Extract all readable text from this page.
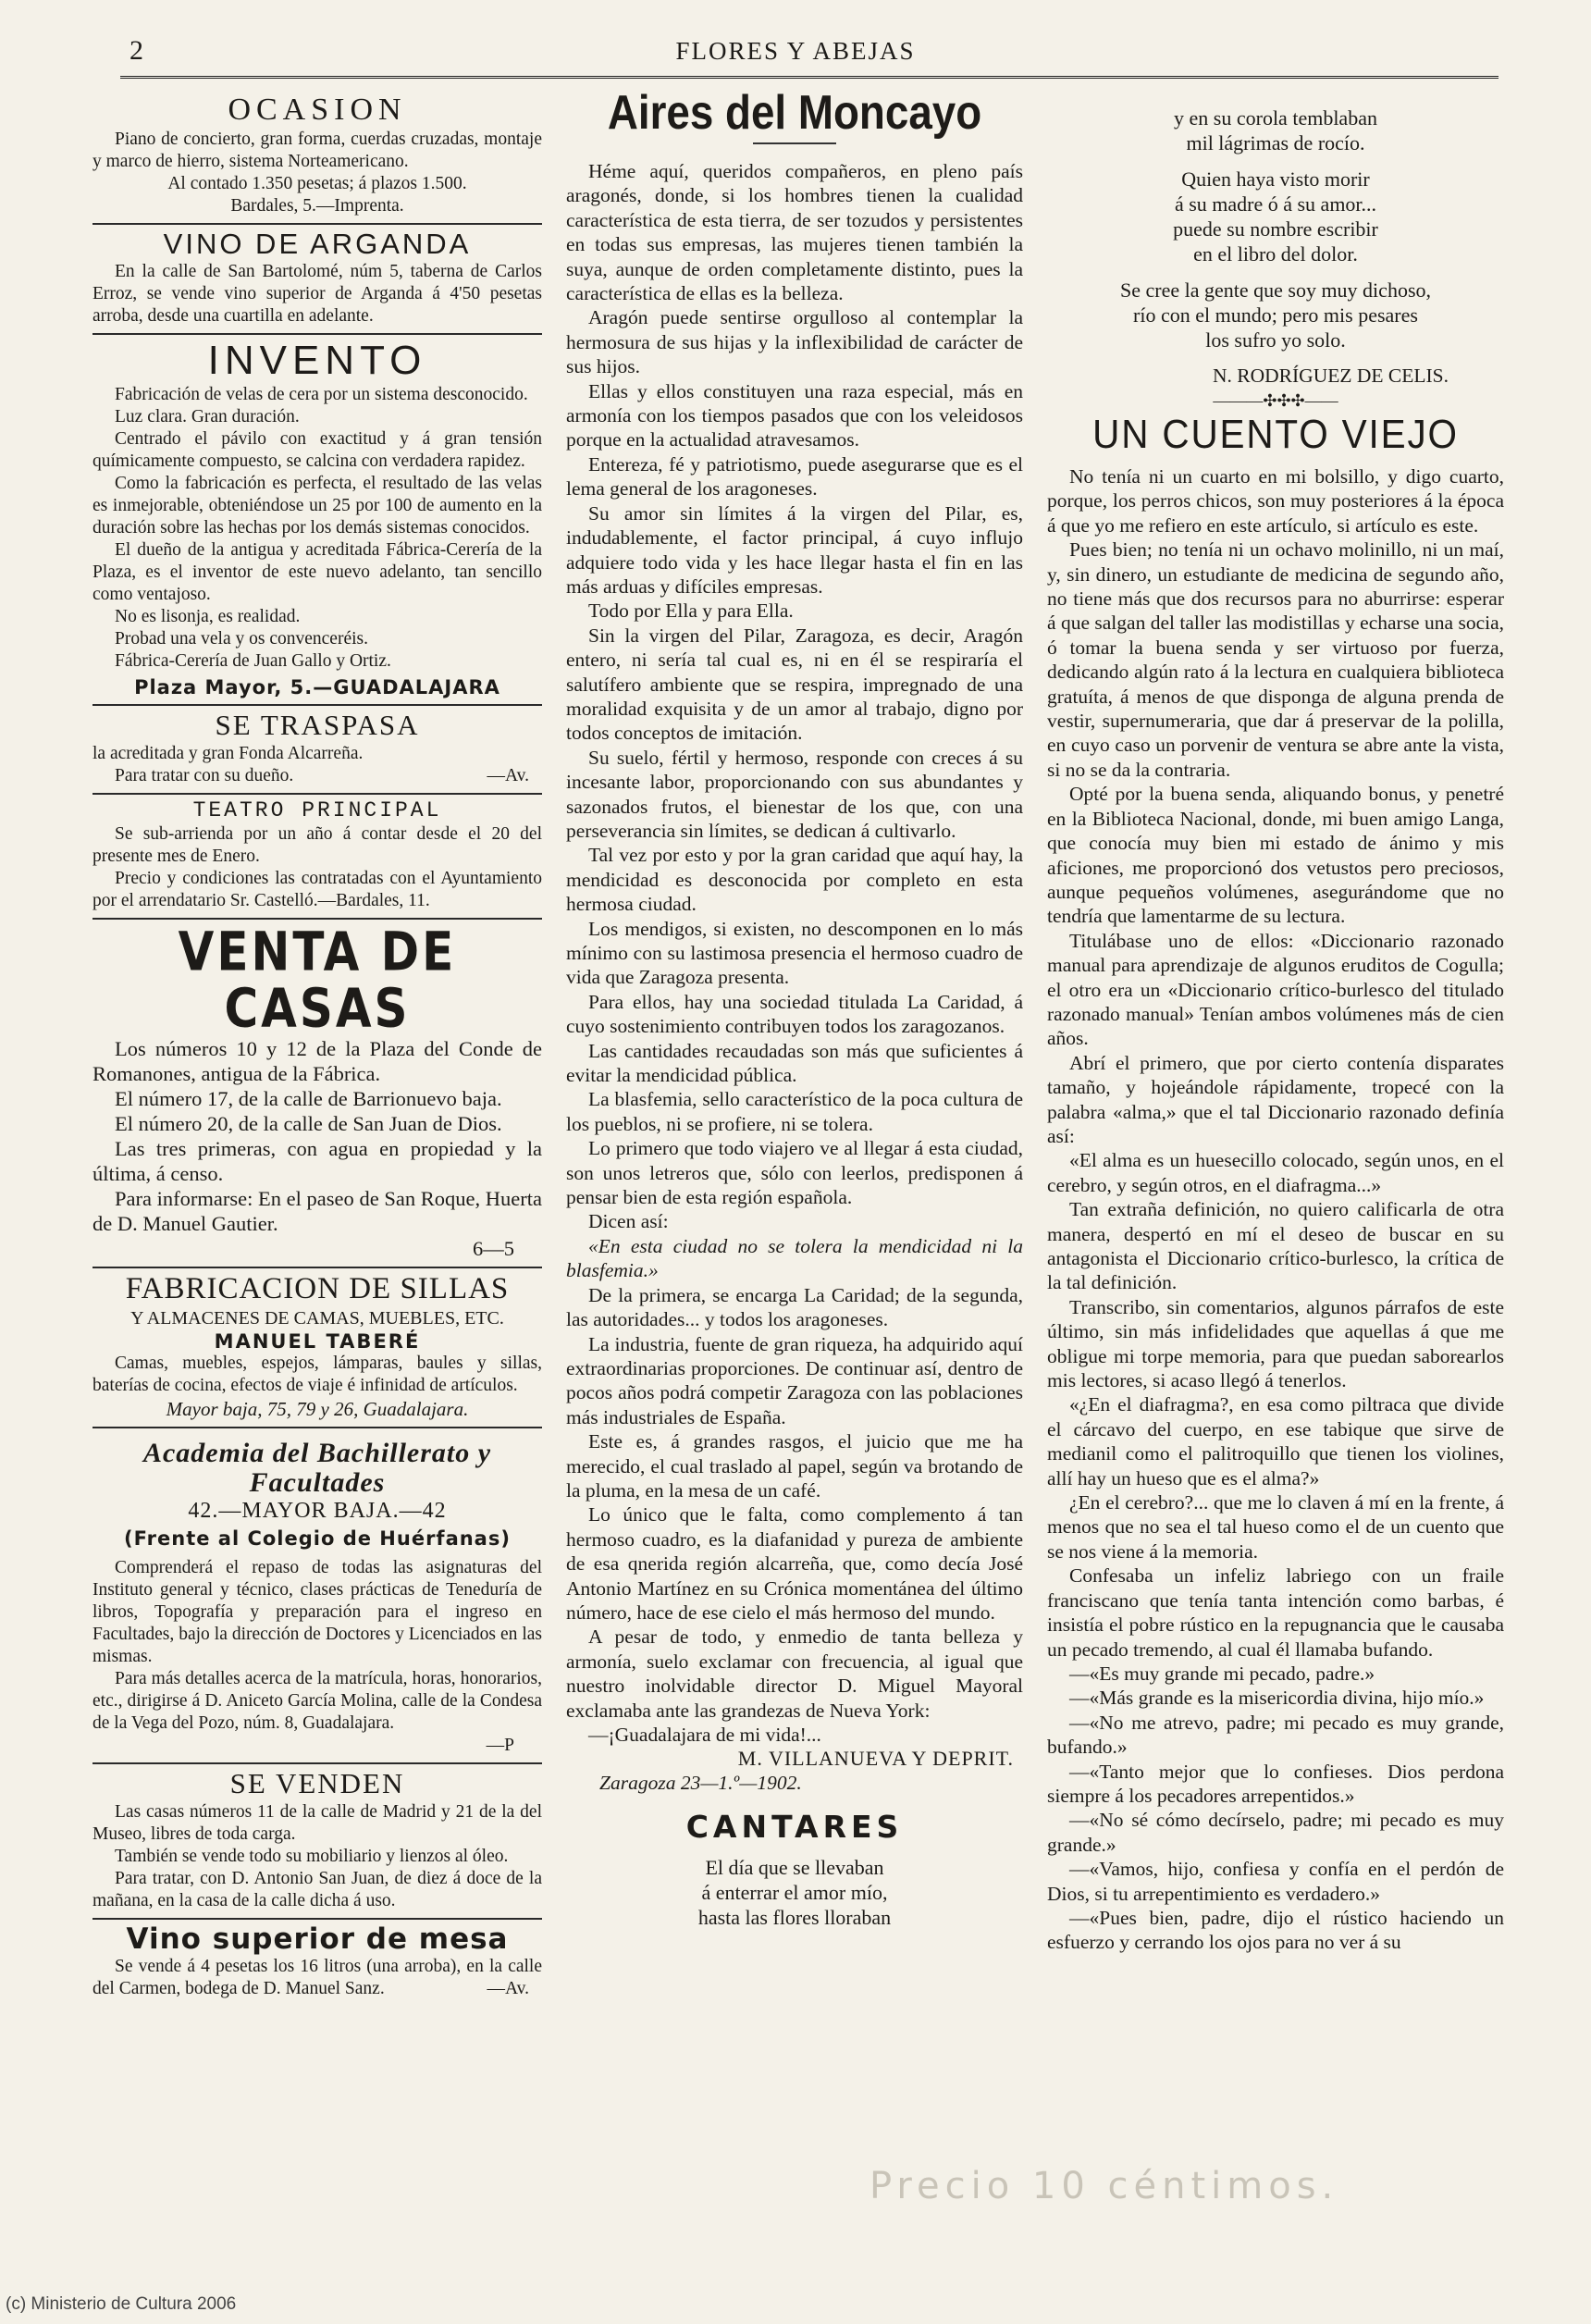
2	FLORES Y ABEJAS
OCASION

Piano de concierto, gran forma, cuerdas cruzadas, montaje y marco de hierro, sistema Norteamericano.

Al contado 1.350 pesetas; á plazos 1.500.

Bardales, 5.—Imprenta.

VINO DE ARGANDA

En la calle de San Bartolomé, núm 5, taberna de Carlos Erroz, se vende vino superior de Arganda á 4'50 pesetas arroba, desde una cuartilla en adelante.

INVENTO

Fabricación de velas de cera por un sistema desconocido.

Luz clara. Gran duración.

Centrado el pávilo con exactitud y á gran tensión químicamente compuesto, se calcina con verdadera rapidez.

Como la fabricación es perfecta, el resultado de las velas es inmejorable, obteniéndose un 25 por 100 de aumento en la duración sobre las hechas por los demás sistemas conocidos.

El dueño de la antigua y acreditada Fábrica-Cerería de la Plaza, es el inventor de este nuevo adelanto, tan sencillo como ventajoso.

No es lisonja, es realidad.

Probad una vela y os convenceréis.

Fábrica-Cerería de Juan Gallo y Ortiz.

Plaza Mayor, 5.—GUADALAJARA
SE TRASPASA

la acreditada y gran Fonda Alcarreña.

Para tratar con su dueño.	—Av.

TEATRO PRINCIPAL

Se sub-arrienda por un año á contar desde el 20 del presente mes de Enero.

Precio y condiciones las contratadas con el Ayuntamiento por el arrendatario Sr. Castelló.—Bardales, 11.

VENTA DE CASAS

Los números 10 y 12 de la Plaza del Conde de Romanones, antigua de la Fábrica.

El número 17, de la calle de Barrionuevo baja.

El número 20, de la calle de San Juan de Dios.

Las tres primeras, con agua en propiedad y la última, á censo.

Para informarse: En el paseo de San Roque, Huerta de D. Manuel Gautier.

6—5

FABRICACION DE SILLAS
Y ALMACENES DE CAMAS, MUEBLES, ETC.
MANUEL TABERÉ

Camas, muebles, espejos, lámparas, baules y sillas, baterías de cocina, efectos de viaje é infinidad de artículos.

Mayor baja, 75, 79 y 26, Guadalajara.
Academia del Bachillerato y Facultades
42.—MAYOR BAJA.—42
(Frente al Colegio de Huérfanas)

Comprenderá el repaso de todas las asignaturas del Instituto general y técnico, clases prácticas de Teneduría de libros, Topografía y preparación para el ingreso en Facultades, bajo la dirección de Doctores y Licenciados en las mismas.

Para más detalles acerca de la matrícula, horas, honorarios, etc., dirigirse á D. Aniceto García Molina, calle de la Condesa de la Vega del Pozo, núm. 8, Guadalajara.

—P

SE VENDEN

Las casas números 11 de la calle de Madrid y 21 de la del Museo, libres de toda carga.

También se vende todo su mobiliario y lienzos al óleo.

Para tratar, con D. Antonio San Juan, de diez á doce de la mañana, en la casa de la calle dicha á uso.

Vino superior de mesa

Se vende á 4 pesetas los 16 litros (una arroba), en la calle del Carmen, bodega de D. Manuel Sanz.	—Av.

Aires del Moncayo

Héme aquí, queridos compañeros, en pleno país aragonés, donde, si los hombres tienen la cualidad característica de esta tierra, de ser tozudos y persistentes en todas sus empresas, las mujeres tienen también la suya, aunque de orden completamente distinto, pues la característica de ellas es la belleza.

Aragón puede sentirse orgulloso al contemplar la hermosura de sus hijas y la inflexibilidad de carácter de sus hijos.

Ellas y ellos constituyen una raza especial, más en armonía con los tiempos pasados que con los veleidosos porque en la actualidad atravesamos.

Entereza, fé y patriotismo, puede asegurarse que es el lema general de los aragoneses.

Su amor sin límites á la virgen del Pilar, es, indudablemente, el factor principal, á cuyo influjo adquiere todo vida y les hace llegar hasta el fin en las más arduas y difíciles empresas.

Todo por Ella y para Ella.

Sin la virgen del Pilar, Zaragoza, es decir, Aragón entero, ni sería tal cual es, ni en él se respiraría el salutífero ambiente que se respira, impregnado de una moralidad exquisita y de un amor al trabajo, digno por todos conceptos de imitación.

Su suelo, fértil y hermoso, responde con creces á su incesante labor, proporcionando con sus abundantes y sazonados frutos, el bienestar de los que, con una perseverancia sin límites, se dedican á cultivarlo.

Tal vez por esto y por la gran caridad que aquí hay, la mendicidad es desconocida por completo en esta hermosa ciudad.

Los mendigos, si existen, no descomponen en lo más mínimo con su lastimosa presencia el hermoso cuadro de vida que Zaragoza presenta.

Para ellos, hay una sociedad titulada La Caridad, á cuyo sostenimiento contribuyen todos los zaragozanos.

Las cantidades recaudadas son más que suficientes á evitar la mendicidad pública.

La blasfemia, sello característico de la poca cultura de los pueblos, ni se profiere, ni se tolera.

Lo primero que todo viajero ve al llegar á esta ciudad, son unos letreros que, sólo con leerlos, predisponen á pensar bien de esta región española.

Dicen así:

«En esta ciudad no se tolera la mendicidad ni la blasfemia.»

De la primera, se encarga La Caridad; de la segunda, las autoridades... y todos los aragoneses.

La industria, fuente de gran riqueza, ha adquirido aquí extraordinarias proporciones. De continuar así, dentro de pocos años podrá competir Zaragoza con las poblaciones más industriales de España.

Este es, á grandes rasgos, el juicio que me ha merecido, el cual traslado al papel, según va brotando de la pluma, en la mesa de un café.

Lo único que le falta, como complemento á tan hermoso cuadro, es la diafanidad y pureza de ambiente de esa qnerida región alcarreña, que, como decía José Antonio Martínez en su Crónica momentánea del último número, hace de ese cielo el más hermoso del mundo.

A pesar de todo, y enmedio de tanta belleza y armonía, suelo exclamar con frecuencia, al igual que nuestro inolvidable director D. Miguel Mayoral exclamaba ante las grandezas de Nueva York:

—¡Guadalajara de mi vida!...

M. VILLANUEVA Y DEPRIT.
Zaragoza 23—1.º—1902.
CANTARES
El día que se llevaban
á enterrar el amor mío,
hasta las flores lloraban
y en su corola temblaban
mil lágrimas de rocío.
Quien haya visto morir
á su madre ó á su amor...
puede su nombre escribir
en el libro del dolor.
Se cree la gente que soy muy dichoso,
río con el mundo; pero mis pesares
los sufro yo solo.
N. RODRÍGUEZ DE CELIS.
———✣✣✣——
UN CUENTO VIEJO

No tenía ni un cuarto en mi bolsillo, y digo cuarto, porque, los perros chicos, son muy posteriores á la época á que yo me refiero en este artículo, si artículo es este.

Pues bien; no tenía ni un ochavo molinillo, ni un maí, y, sin dinero, un estudiante de medicina de segundo año, no tiene más que dos recursos para no aburrirse: esperar á que salgan del taller las modistillas y echarse una socia, ó tomar la buena senda y ser virtuoso por fuerza, dedicando algún rato á la lectura en cualquiera biblioteca gratuíta, á menos de que disponga de alguna prenda de vestir, supernumeraria, que dar á preservar de la polilla, en cuyo caso un porvenir de ventura se abre ante la vista, si no se da la contraria.

Opté por la buena senda, aliquando bonus, y penetré en la Biblioteca Nacional, donde, mi buen amigo Langa, que conocía muy bien mi estado de ánimo y mis aficiones, me proporcionó dos vetustos pero preciosos, aunque pequeños volúmenes, asegurándome que no tendría que lamentarme de su lectura.

Titulábase uno de ellos: «Diccionario razonado manual para aprendizaje de algunos eruditos de Cogulla; el otro era un «Diccionario crítico-burlesco del titulado razonado manual» Tenían ambos volúmenes más de cien años.

Abrí el primero, que por cierto contenía disparates tamaño, y hojeándole rápidamente, tropecé con la palabra «alma,» que el tal Diccionario razonado definía así:

«El alma es un huesecillo colocado, según unos, en el cerebro, y según otros, en el diafragma...»

Tan extraña definición, no quiero calificarla de otra manera, despertó en mí el deseo de buscar en su antagonista el Diccionario crítico-burlesco, la crítica de la tal definición.

Transcribo, sin comentarios, algunos párrafos de este último, sin más infidelidades que aquellas á que me obligue mi torpe memoria, para que puedan saborearlos mis lectores, si acaso llegó á tenerlos.

«¿En el diafragma?, en esa como piltraca que divide el cárcavo del cuerpo, en ese tabique que sirve de medianil como el palitroquillo que tienen los violines, allí hay un hueso que es el alma?»

¿En el cerebro?... que me lo claven á mí en la frente, á menos que no sea el tal hueso como el de un cuento que se nos viene á la memoria.

Confesaba un infeliz labriego con un fraile franciscano que tenía tanta intención como barbas, é insistía el pobre rústico en la repugnancia que le causaba un pecado tremendo, al cual él llamaba bufando.

—«Es muy grande mi pecado, padre.»

—«Más grande es la misericordia divina, hijo mío.»

—«No me atrevo, padre; mi pecado es muy grande, bufando.»

—«Tanto mejor que lo confieses. Dios perdona siempre á los pecadores arrepentidos.»

—«No sé cómo decírselo, padre; mi pecado es muy grande.»

—«Vamos, hijo, confiesa y confía en el perdón de Dios, si tu arrepentimiento es verdadero.»

—«Pues bien, padre, dijo el rústico haciendo un esfuerzo y cerrando los ojos para no ver á su

Precio 10 céntimos.
(c) Ministerio de Cultura 2006
